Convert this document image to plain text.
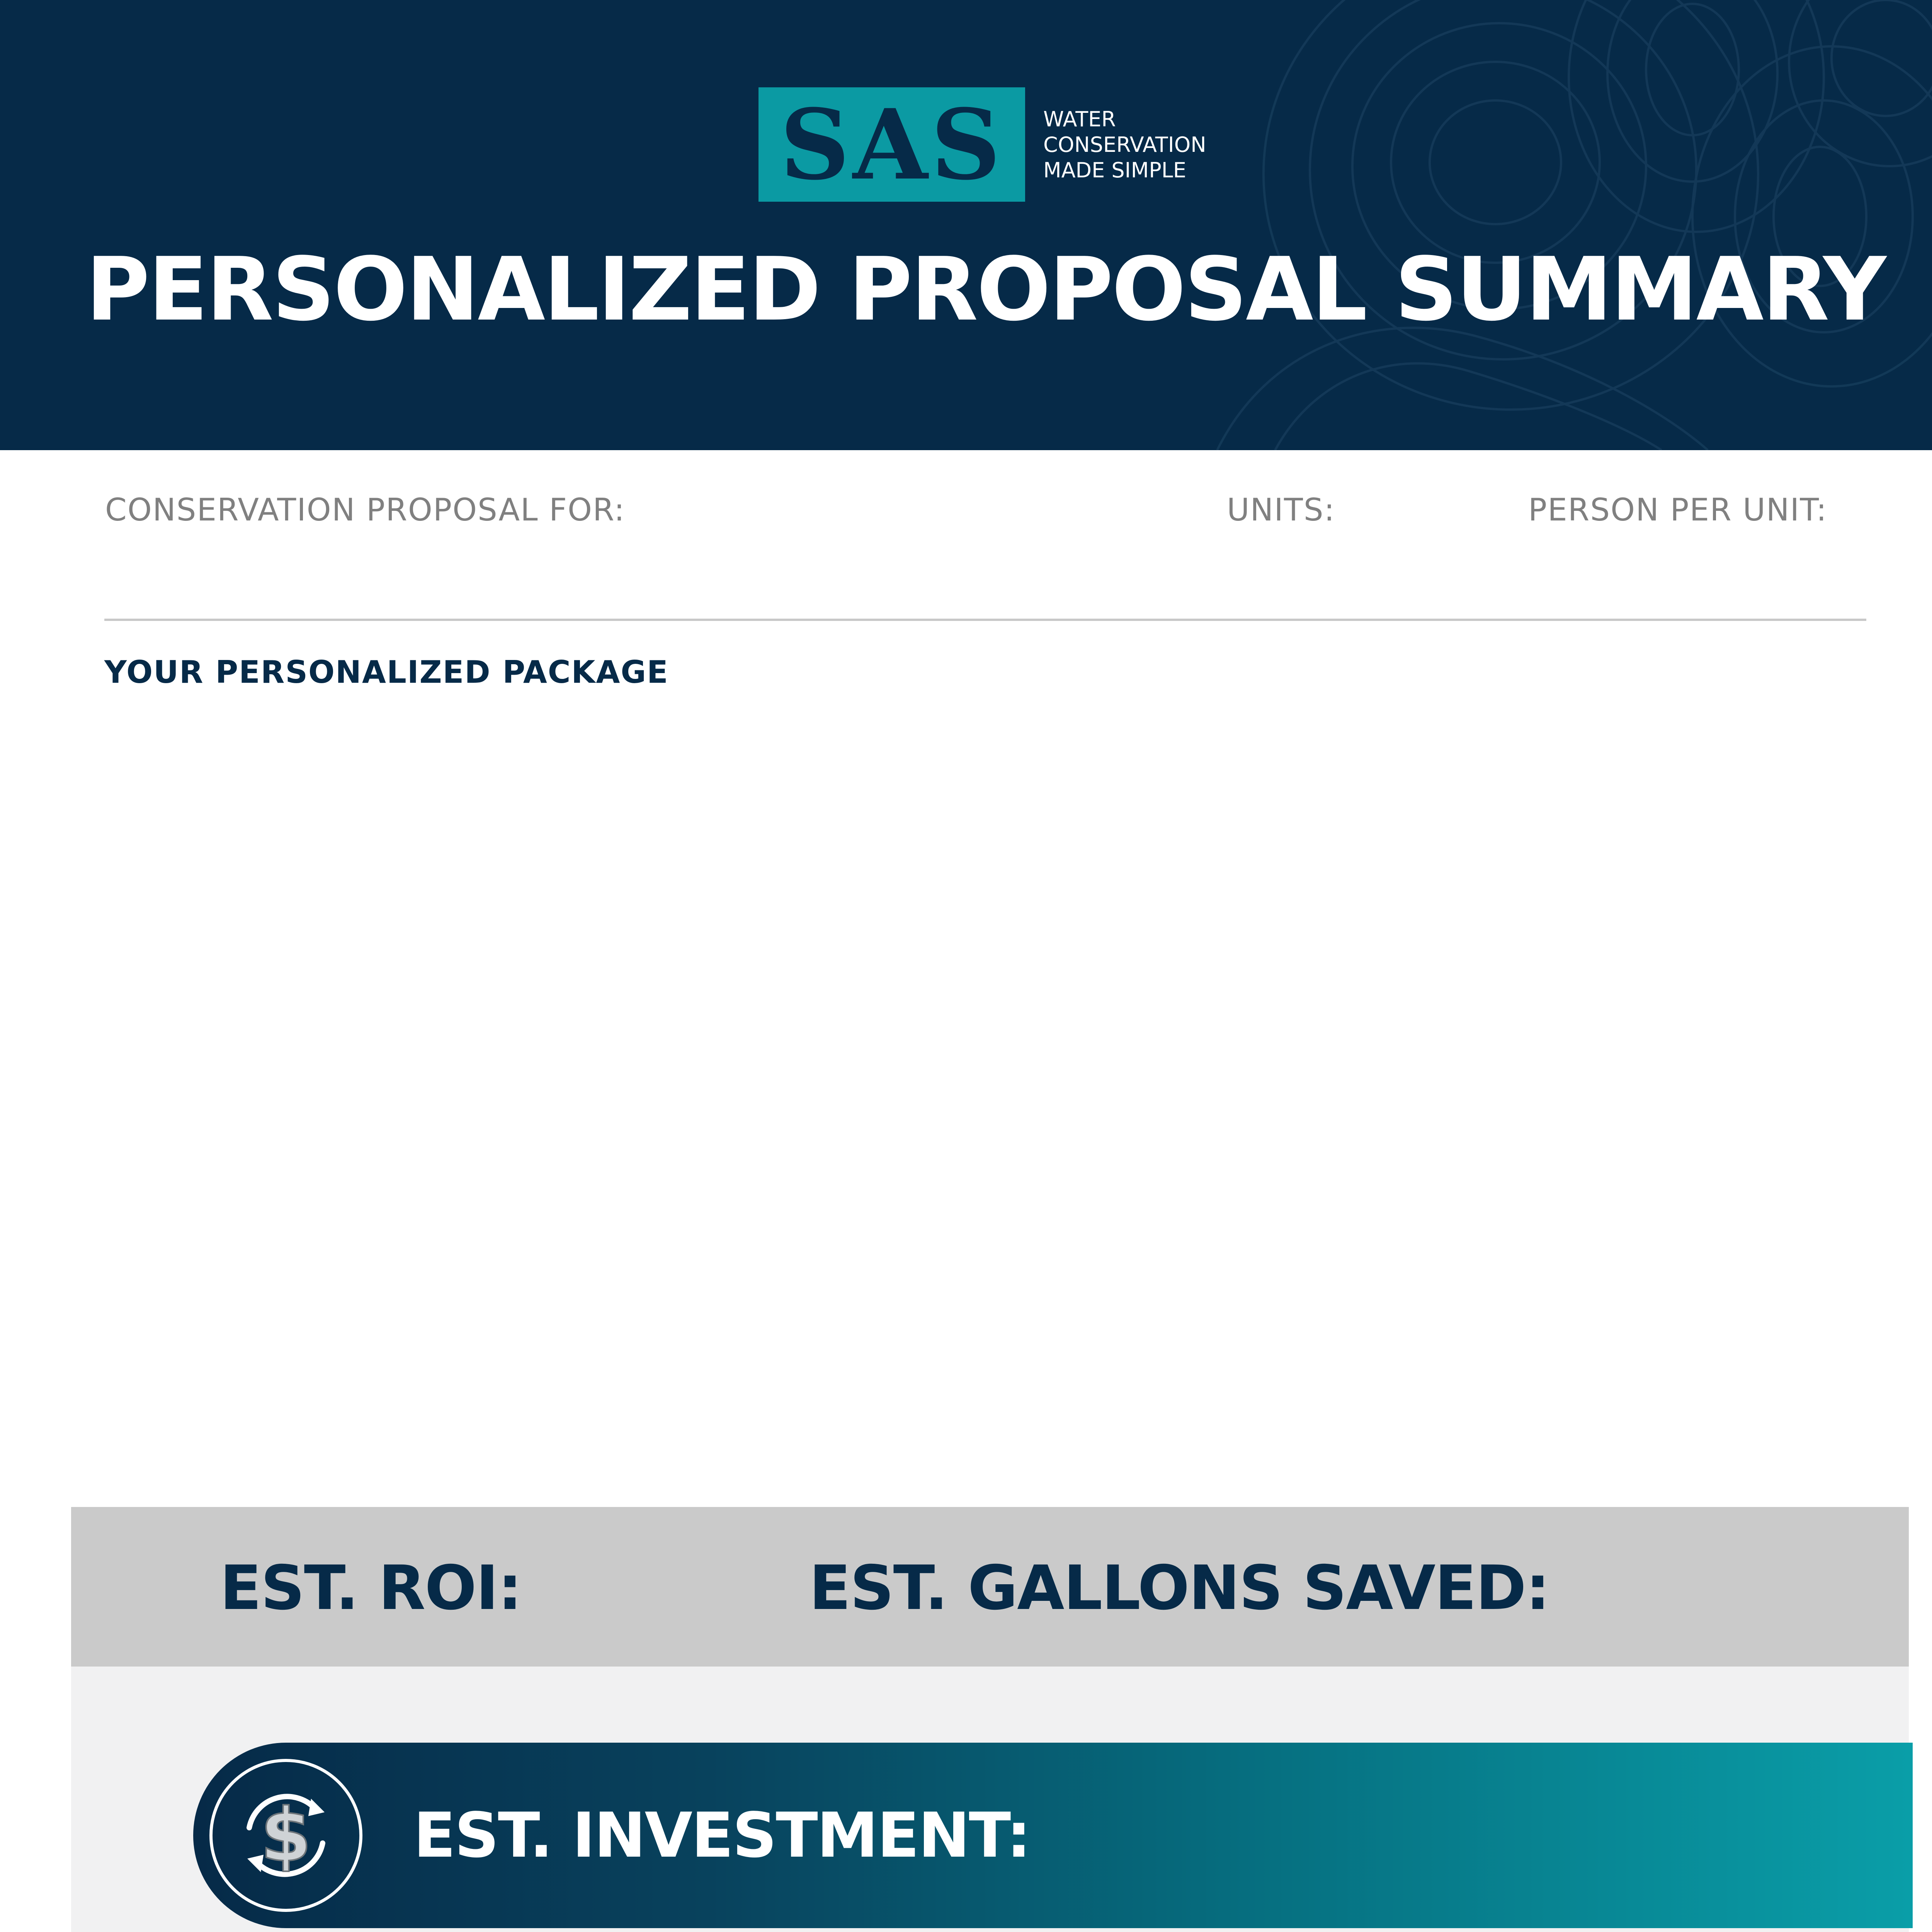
SAS	WATER
CONSERVATION
MADE SIMPLE
PERSONALIZED PROPOSAL SUMMARY
CONSERVATION PROPOSAL FOR:	UNITS:	PERSON PER UNIT:
YOUR PERSONALIZED PACKAGE
EST. ROI:	EST. GALLONS SAVED:
$ EST. INVESTMENT:
